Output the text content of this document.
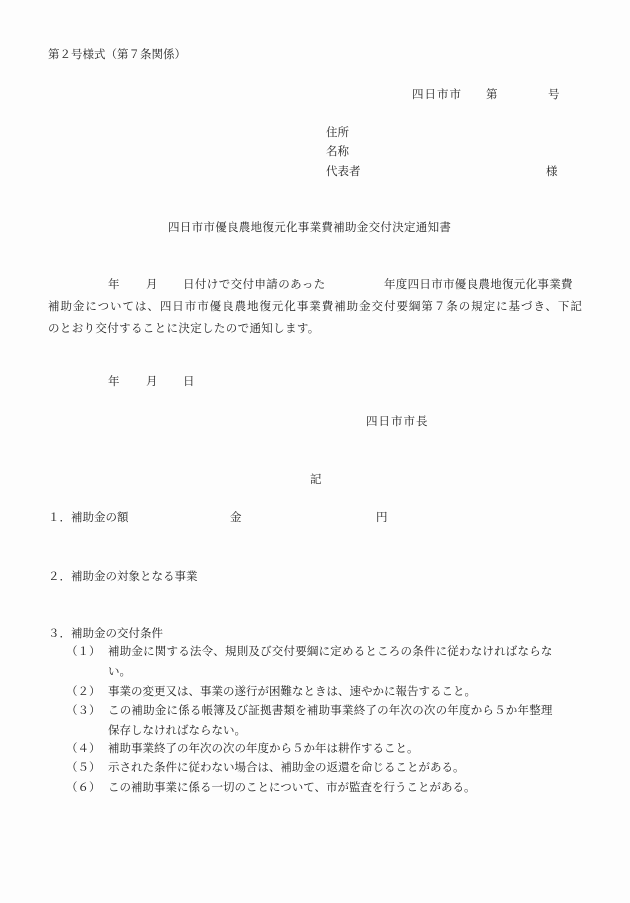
第２号様式（第７条関係）
四日市市 第	号
住所
名称
代表者	様
四日市市優良農地復元化事業費補助金交付決定通知書
年 月 日付けで交付申請のあった	年度四日市市優良農地復元化事業費
補助金については、四日市市優良農地復元化事業費補助金交付要綱第７条の規定に基づき、下記
のとおり交付することに決定したので通知します。
年 月 日
四日市市長
記
１．補助金の額	金	円
２．補助金の対象となる事業
３．補助金の交付条件
（１） 補助金に関する法令、規則及び交付要綱に定めるところの条件に従わなければならな
い。
（２） 事業の変更又は、事業の遂行が困難なときは、速やかに報告すること。
（３） この補助金に係る帳簿及び証拠書類を補助事業終了の年次の次の年度から５か年整理
保存しなければならない。
（４） 補助事業終了の年次の次の年度から５か年は耕作すること。
（５） 示された条件に従わない場合は、補助金の返還を命じることがある。
（６） この補助事業に係る一切のことについて、市が監査を行うことがある。
